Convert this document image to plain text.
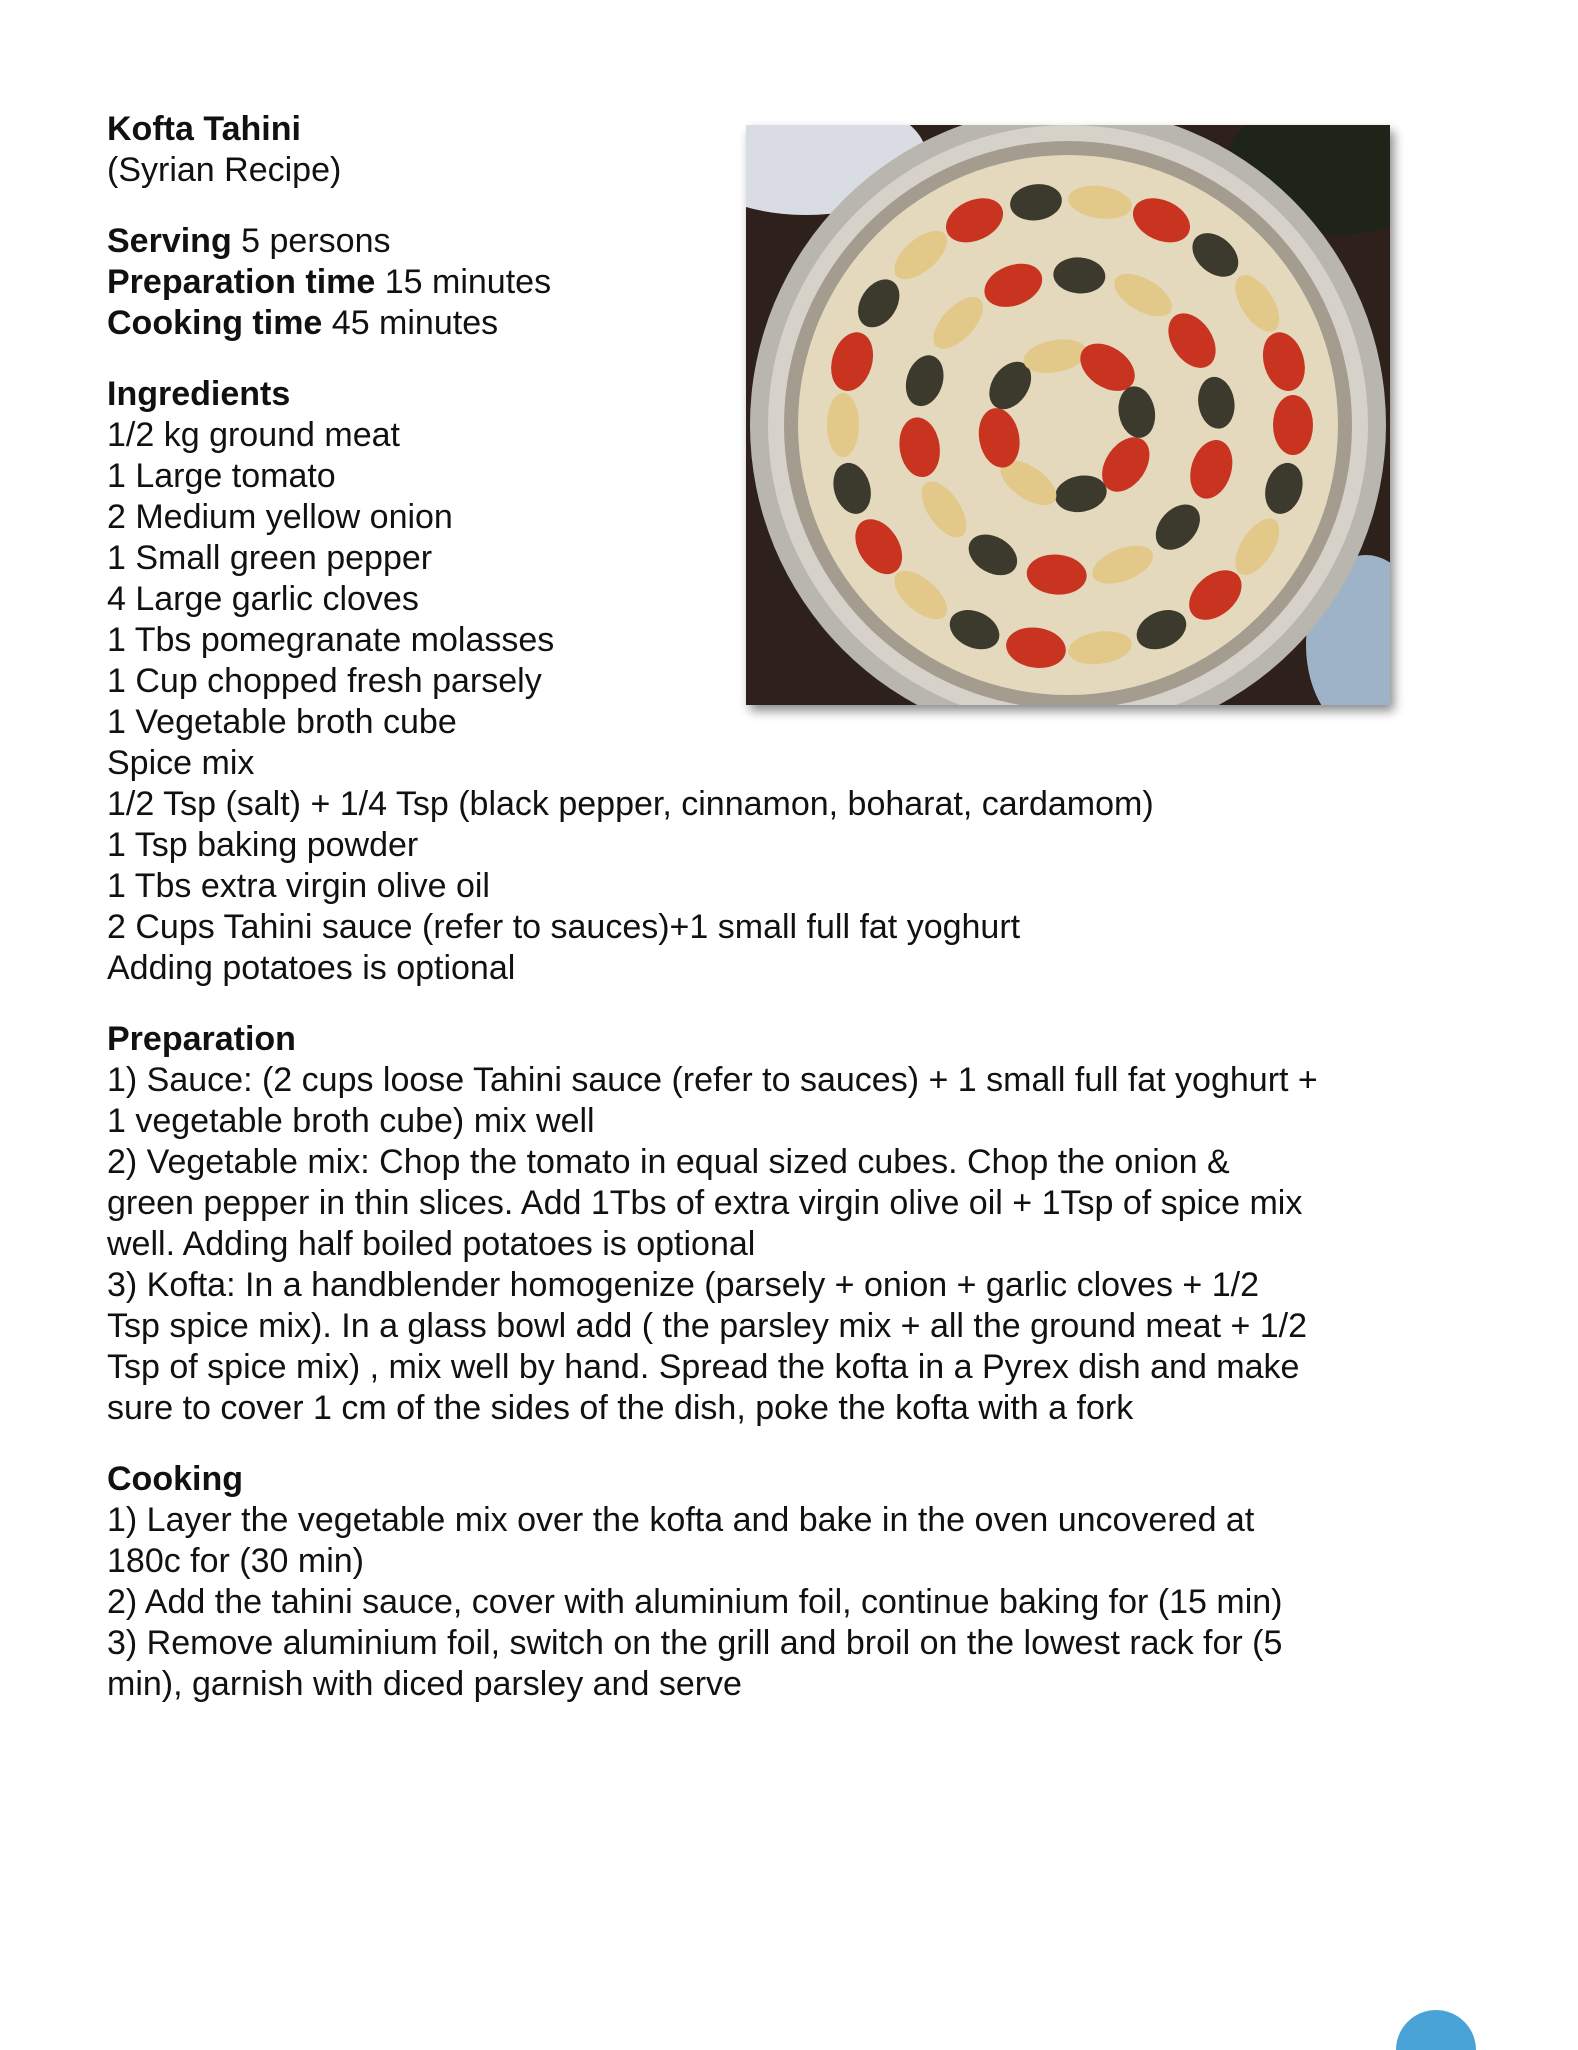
Kofta Tahini
(Syrian Recipe)
Serving 5 persons
Preparation time 15 minutes
Cooking time 45 minutes
Ingredients
1/2 kg ground meat
1 Large tomato
2 Medium yellow onion
1 Small green pepper
4 Large garlic cloves
1 Tbs pomegranate molasses
1 Cup chopped fresh parsely
1 Vegetable broth cube
Spice mix
1/2 Tsp (salt) + 1/4 Tsp (black pepper, cinnamon, boharat, cardamom)
1 Tsp baking powder
1 Tbs extra virgin olive oil
2 Cups Tahini sauce (refer to sauces)+1 small full fat yoghurt
Adding potatoes is optional
Preparation
1) Sauce: (2 cups loose Tahini sauce (refer to sauces) + 1 small full fat yoghurt +
1 vegetable broth cube) mix well
2) Vegetable mix: Chop the tomato in equal sized cubes. Chop the onion &
green pepper in thin slices. Add 1Tbs of extra virgin olive oil + 1Tsp of spice mix
well. Adding half boiled potatoes is optional
3) Kofta: In a handblender homogenize (parsely + onion + garlic cloves + 1/2
Tsp spice mix). In a glass bowl add ( the parsley mix + all the ground meat + 1/2
Tsp of spice mix) , mix well by hand. Spread the kofta in a Pyrex dish and make
sure to cover 1 cm of the sides of the dish, poke the kofta with a fork
Cooking
1) Layer the vegetable mix over the kofta and bake in the oven uncovered at
180c for (30 min)
2) Add the tahini sauce, cover with aluminium foil, continue baking for (15 min)
3) Remove aluminium foil, switch on the grill and broil on the lowest rack for (5
min), garnish with diced parsley and serve
